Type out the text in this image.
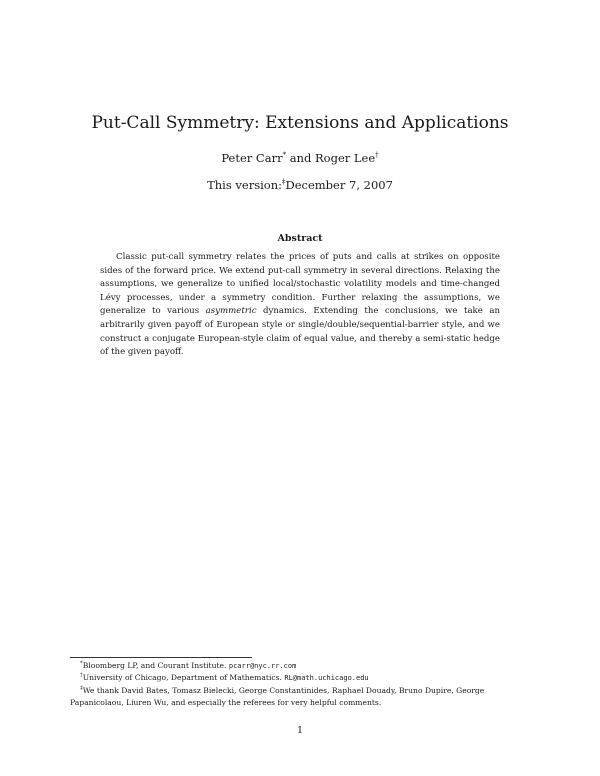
Put-Call Symmetry: Extensions and Applications
Peter Carr* and Roger Lee†
This version:‡December 7, 2007
Abstract
Classic put-call symmetry relates the prices of puts and calls at strikes on opposite sides of the forward price. We extend put-call symmetry in several directions. Relaxing the assumptions, we generalize to unified local/stochastic volatility models and time-changed Lévy processes, under a symmetry condition. Further relaxing the assumptions, we generalize to various asymmetric dynamics. Extending the conclusions, we take an arbitrarily given payoff of European style or single/double/sequential-barrier style, and we construct a conjugate European-style claim of equal value, and thereby a semi-static hedge of the given payoff.
*Bloomberg LP, and Courant Institute. pcarr@nyc.rr.com
†University of Chicago, Department of Mathematics. RL@math.uchicago.edu
‡We thank David Bates, Tomasz Bielecki, George Constantinides, Raphael Douady, Bruno Dupire, George Papanicolaou, Liuren Wu, and especially the referees for very helpful comments.
1
